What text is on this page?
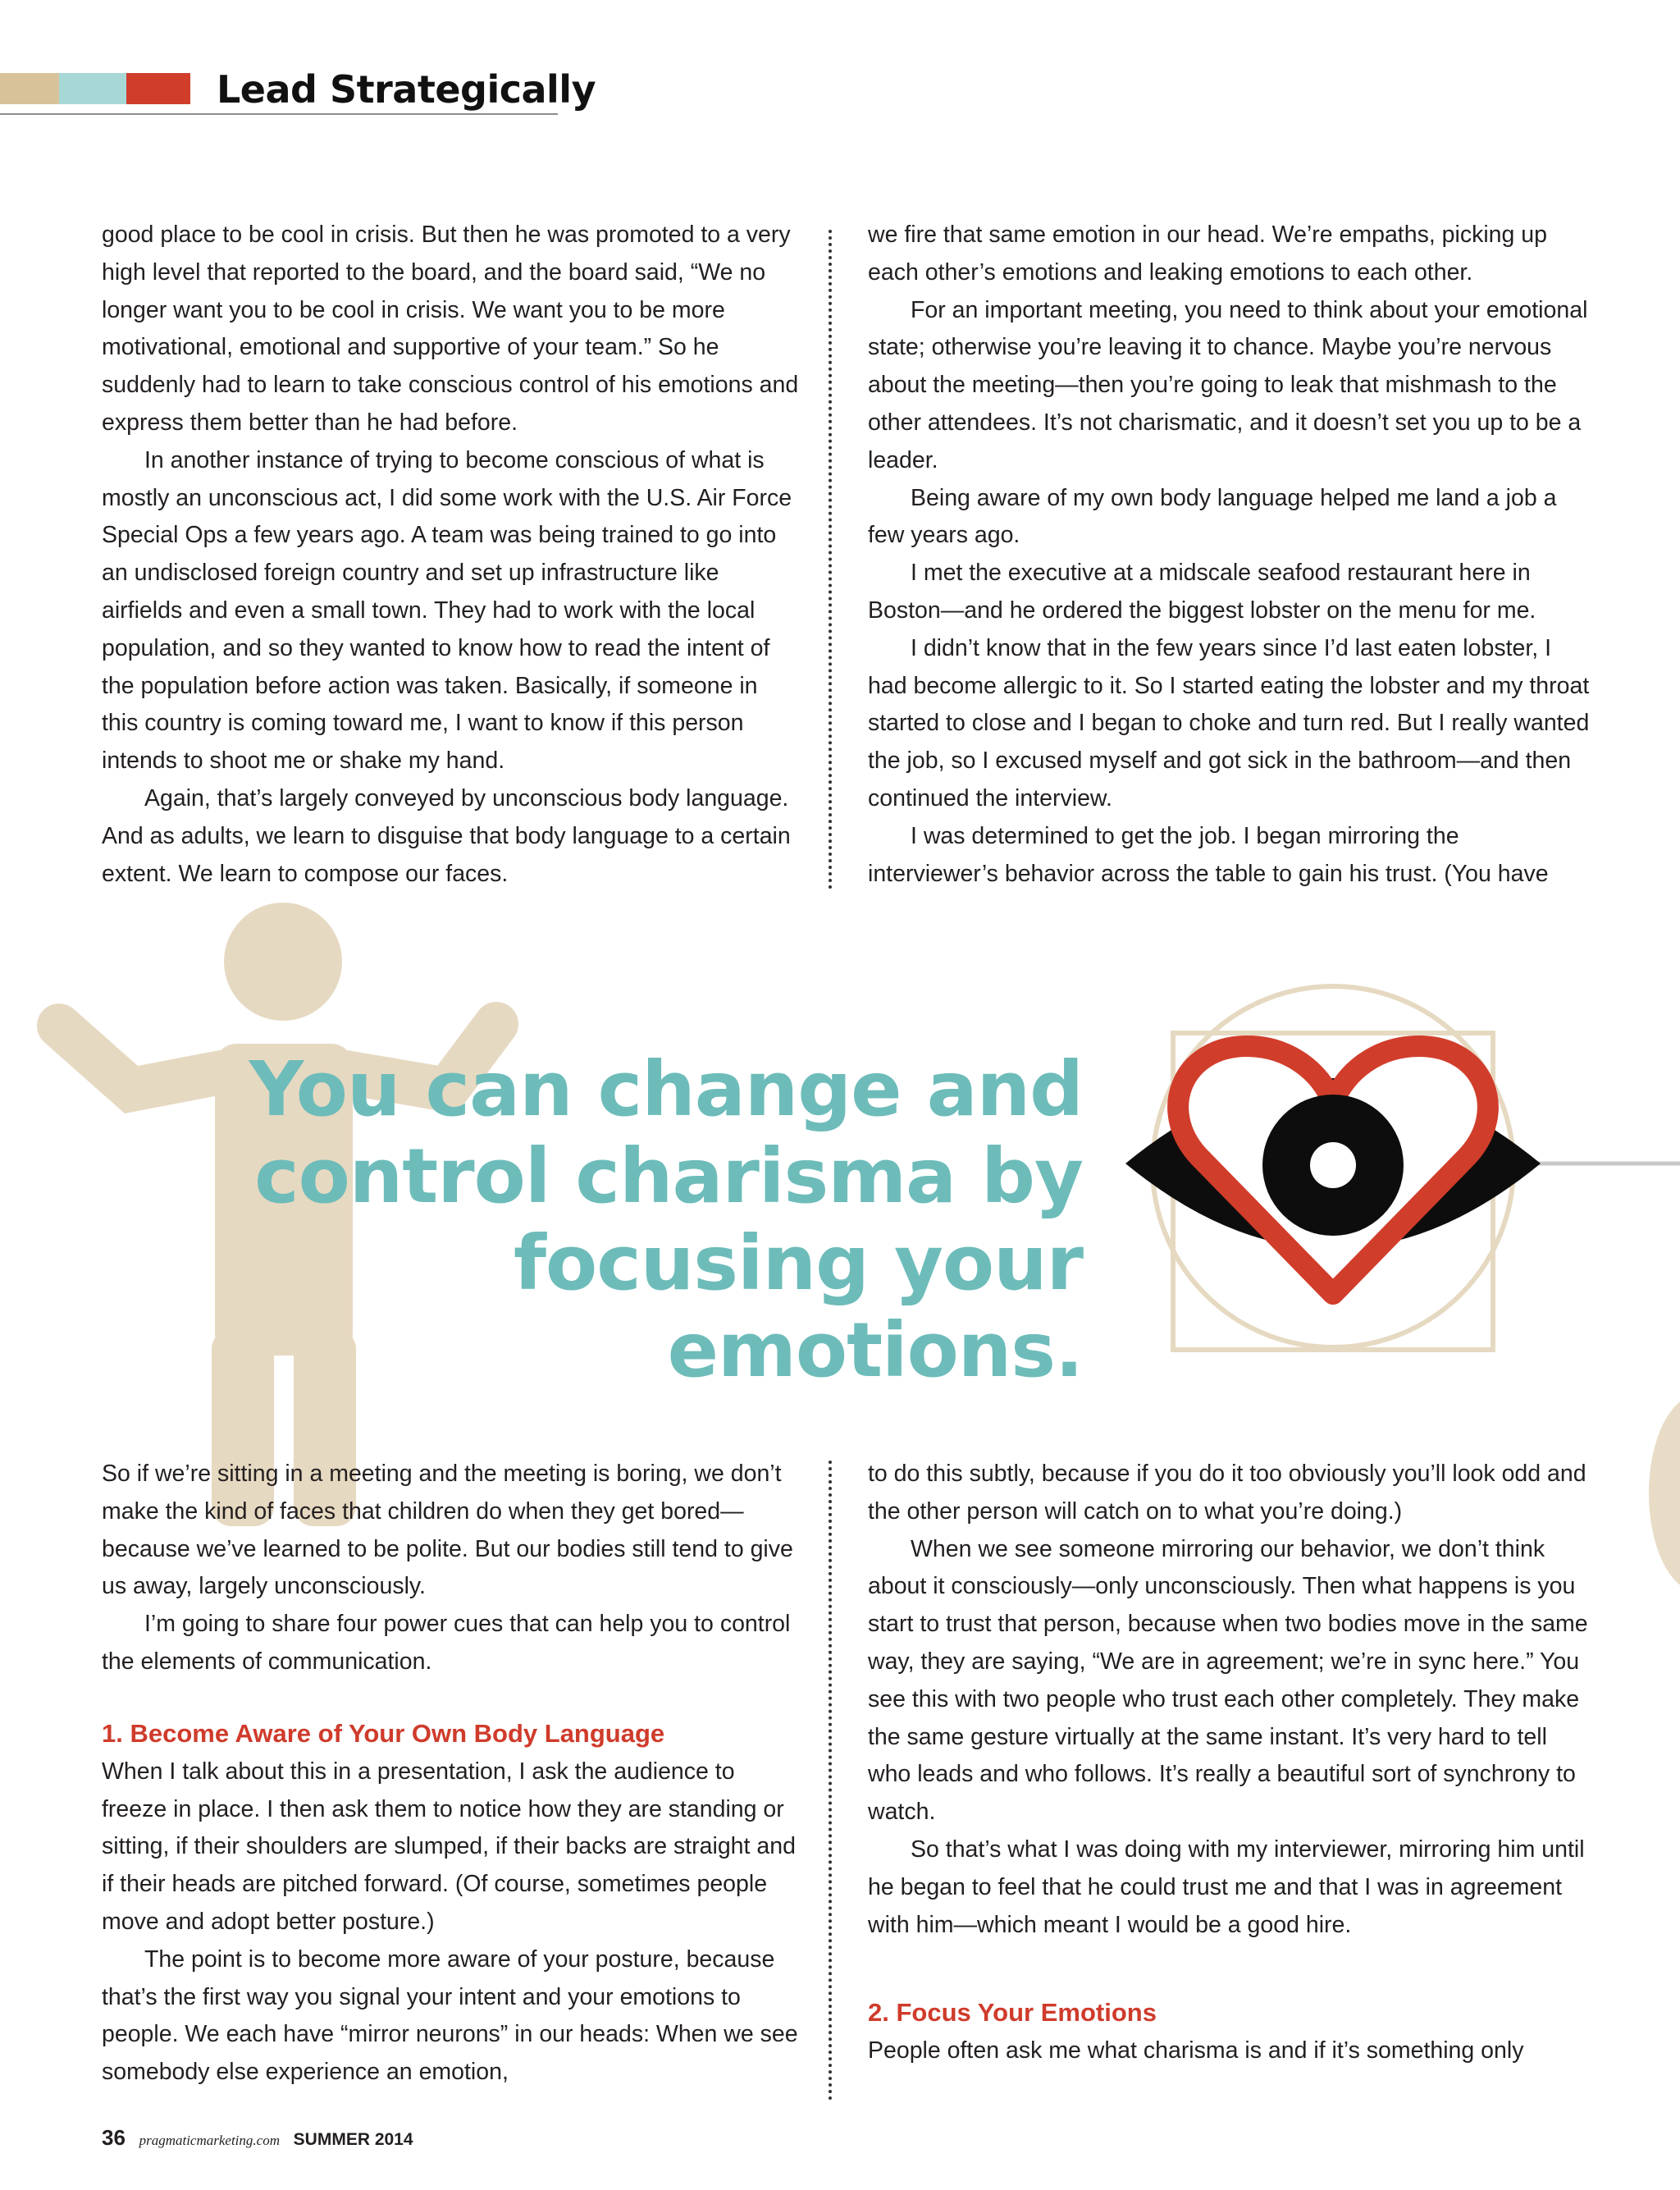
Lead Strategically
You can change and
control charisma by
focusing your emotions.

good place to be cool in crisis. But then he was promoted to a very high level that reported to the board, and the board said, “We no longer want you to be cool in crisis. We want you to be more motivational, emotional and supportive of your team.” So he suddenly had to learn to take conscious control of his emotions and express them better than he had before.

In another instance of trying to become conscious of what is mostly an unconscious act, I did some work with the U.S. Air Force Special Ops a few years ago. A team was being trained to go into an undisclosed foreign country and set up infrastructure like airfields and even a small town. They had to work with the local population, and so they wanted to know how to read the intent of the population before action was taken. Basically, if someone in this country is coming toward me, I want to know if this person intends to shoot me or shake my hand.

Again, that’s largely conveyed by unconscious body language. And as adults, we learn to disguise that body language to a certain extent. We learn to compose our faces.

we fire that same emotion in our head. We’re empaths, picking up each other’s emotions and leaking emotions to each other.

For an important meeting, you need to think about your emotional state; otherwise you’re leaving it to chance. Maybe you’re nervous about the meeting—then you’re going to leak that mishmash to the other attendees. It’s not charismatic, and it doesn’t set you up to be a leader.

Being aware of my own body language helped me land a job a few years ago.

I met the executive at a midscale seafood restaurant here in Boston—and he ordered the biggest lobster on the menu for me.

I didn’t know that in the few years since I’d last eaten lobster, I had become allergic to it. So I started eating the lobster and my throat started to close and I began to choke and turn red. But I really wanted the job, so I excused myself and got sick in the bathroom—and then continued the interview.

I was determined to get the job. I began mirroring the interviewer’s behavior across the table to gain his trust. (You have

So if we’re sitting in a meeting and the meeting is boring, we don’t make the kind of faces that children do when they get bored—because we’ve learned to be polite. But our bodies still tend to give us away, largely unconsciously.

I’m going to share four power cues that can help you to control the elements of communication.

1. Become Aware of Your Own Body Language

When I talk about this in a presentation, I ask the audience to freeze in place. I then ask them to notice how they are standing or sitting, if their shoulders are slumped, if their backs are straight and if their heads are pitched forward. (Of course, sometimes people move and adopt better posture.)

The point is to become more aware of your posture, because that’s the first way you signal your intent and your emotions to people. We each have “mirror neurons” in our heads: When we see somebody else experience an emotion,

to do this subtly, because if you do it too obviously you’ll look odd and the other person will catch on to what you’re doing.)

When we see someone mirroring our behavior, we don’t think about it consciously—only unconsciously. Then what happens is you start to trust that person, because when two bodies move in the same way, they are saying, “We are in agreement; we’re in sync here.” You see this with two people who trust each other completely. They make the same gesture virtually at the same instant. It’s very hard to tell who leads and who follows. It’s really a beautiful sort of synchrony to watch.

So that’s what I was doing with my interviewer, mirroring him until he began to feel that he could trust me and that I was in agreement with him—which meant I would be a good hire.

2. Focus Your Emotions

People often ask me what charisma is and if it’s something only

36 pragmaticmarketing.com SUMMER 2014
